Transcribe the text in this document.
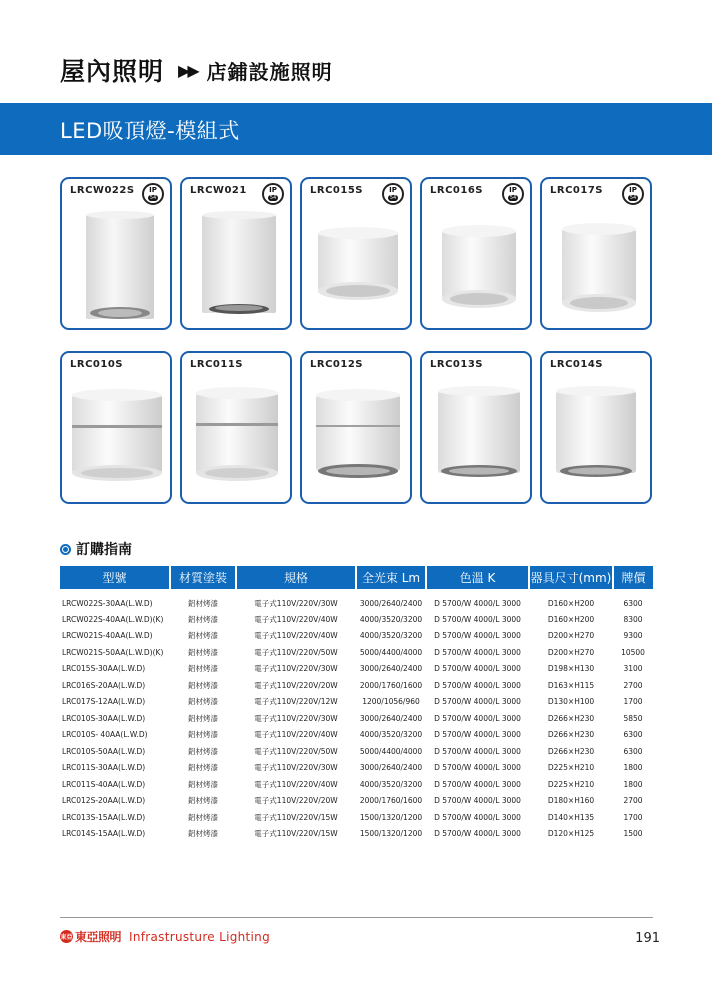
屋內照明 ▶▶ 店鋪設施照明
LED吸頂燈-模組式
LRCW022S IP
54
LRCW021	IP
54
LRC015S	IP
54
LRC016S	IP
54
LRC017S	IP
54
LRC010S	LRC011S	LRC012S	LRC013S	LRC014S
訂購指南
型號	材質塗裝	規格	全光束 Lm	色溫 K	器具尺寸(mm)	牌價
LRCW022S-30AA(L.W.D)	鋁材烤漆	電子式110V/220V/30W	3000/2640/2400	D 5700/W 4000/L 3000	D160×H200	6300
LRCW022S-40AA(L.W.D)(K)	鋁材烤漆	電子式110V/220V/40W	4000/3520/3200	D 5700/W 4000/L 3000	D160×H200	8300
LRCW021S-40AA(L.W.D)	鋁材烤漆	電子式110V/220V/40W	4000/3520/3200	D 5700/W 4000/L 3000	D200×H270	9300
LRCW021S-50AA(L.W.D)(K)	鋁材烤漆	電子式110V/220V/50W	5000/4400/4000	D 5700/W 4000/L 3000	D200×H270	10500
LRC015S-30AA(L.W.D)	鋁材烤漆	電子式110V/220V/30W	3000/2640/2400	D 5700/W 4000/L 3000	D198×H130	3100
LRC016S-20AA(L.W.D)	鋁材烤漆	電子式110V/220V/20W	2000/1760/1600	D 5700/W 4000/L 3000	D163×H115	2700
LRC017S-12AA(L.W.D)	鋁材烤漆	電子式110V/220V/12W	1200/1056/960	D 5700/W 4000/L 3000	D130×H100	1700
LRC010S-30AA(L.W.D)	鋁材烤漆	電子式110V/220V/30W	3000/2640/2400	D 5700/W 4000/L 3000	D266×H230	5850
LRC010S- 40AA(L.W.D)	鋁材烤漆	電子式110V/220V/40W	4000/3520/3200	D 5700/W 4000/L 3000	D266×H230	6300
LRC010S-50AA(L.W.D)	鋁材烤漆	電子式110V/220V/50W	5000/4400/4000	D 5700/W 4000/L 3000	D266×H230	6300
LRC011S-30AA(L.W.D)	鋁材烤漆	電子式110V/220V/30W	3000/2640/2400	D 5700/W 4000/L 3000	D225×H210	1800
LRC011S-40AA(L.W.D)	鋁材烤漆	電子式110V/220V/40W	4000/3520/3200	D 5700/W 4000/L 3000	D225×H210	1800
LRC012S-20AA(L.W.D)	鋁材烤漆	電子式110V/220V/20W	2000/1760/1600	D 5700/W 4000/L 3000	D180×H160	2700
LRC013S-15AA(L.W.D)	鋁材烤漆	電子式110V/220V/15W	1500/1320/1200	D 5700/W 4000/L 3000	D140×H135	1700
LRC014S-15AA(L.W.D)	鋁材烤漆	電子式110V/220V/15W	1500/1320/1200	D 5700/W 4000/L 3000	D120×H125	1500
東亞 東亞照明 Infrastrusture Lighting	191
